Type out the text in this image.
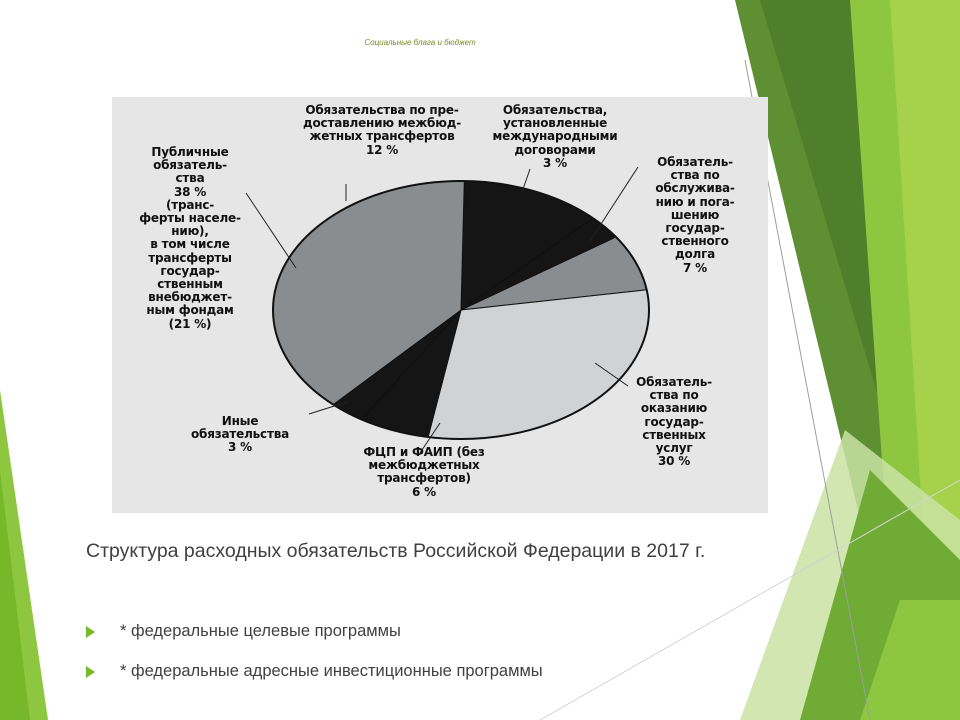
Социальные блага и бюджет
Обязательства по пре-
доставлению межбюд-
жетных трансфертов
12 %
Обязательства,
установленные
международными
договорами
3 %	Обязатель-
ства по
обслужива-
нию и пога-
шению
государ-
ственного
долга
7 %
Обязатель-
ства по
оказанию
государ-
ственных
услуг
30 %
ФЦП и ФАИП (без
межбюджетных
трансфертов)
6 %
Иные
обязательства
3 %
Публичные
обязатель-
ства
38 %
(транс-
ферты населе-
нию),
в том числе
трансферты
государ-
ственным
внебюджет-
ным фондам
(21 %)
Структура расходных обязательств Российской Федерации в 2017 г.
* федеральные целевые программы
* федеральные адресные инвестиционные программы
